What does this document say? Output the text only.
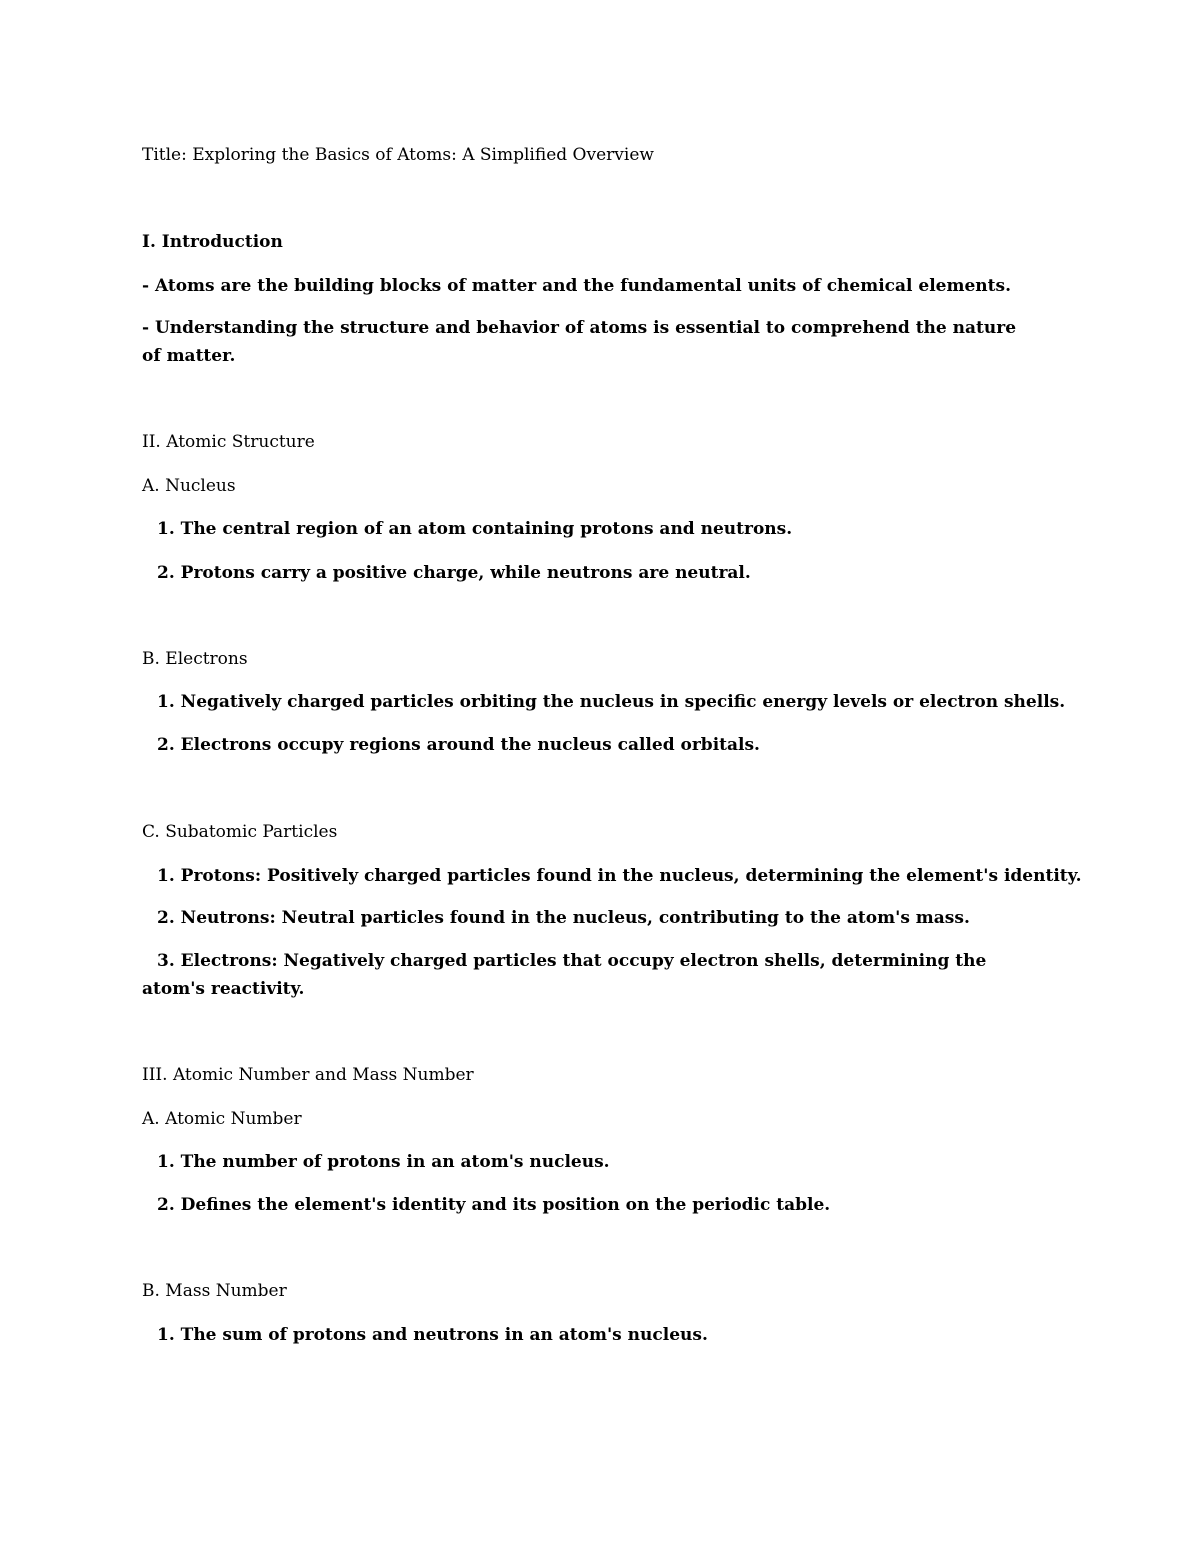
Title: Exploring the Basics of Atoms: A Simplified Overview
I. Introduction
- Atoms are the building blocks of matter and the fundamental units of chemical elements.
- Understanding the structure and behavior of atoms is essential to comprehend the nature of matter.
II. Atomic Structure
A. Nucleus
1. The central region of an atom containing protons and neutrons.
2. Protons carry a positive charge, while neutrons are neutral.
B. Electrons
1. Negatively charged particles orbiting the nucleus in specific energy levels or electron shells.
2. Electrons occupy regions around the nucleus called orbitals.
C. Subatomic Particles
1. Protons: Positively charged particles found in the nucleus, determining the element's identity.
2. Neutrons: Neutral particles found in the nucleus, contributing to the atom's mass.
3. Electrons: Negatively charged particles that occupy electron shells, determining the atom's reactivity.
III. Atomic Number and Mass Number
A. Atomic Number
1. The number of protons in an atom's nucleus.
2. Defines the element's identity and its position on the periodic table.
B. Mass Number
1. The sum of protons and neutrons in an atom's nucleus.
